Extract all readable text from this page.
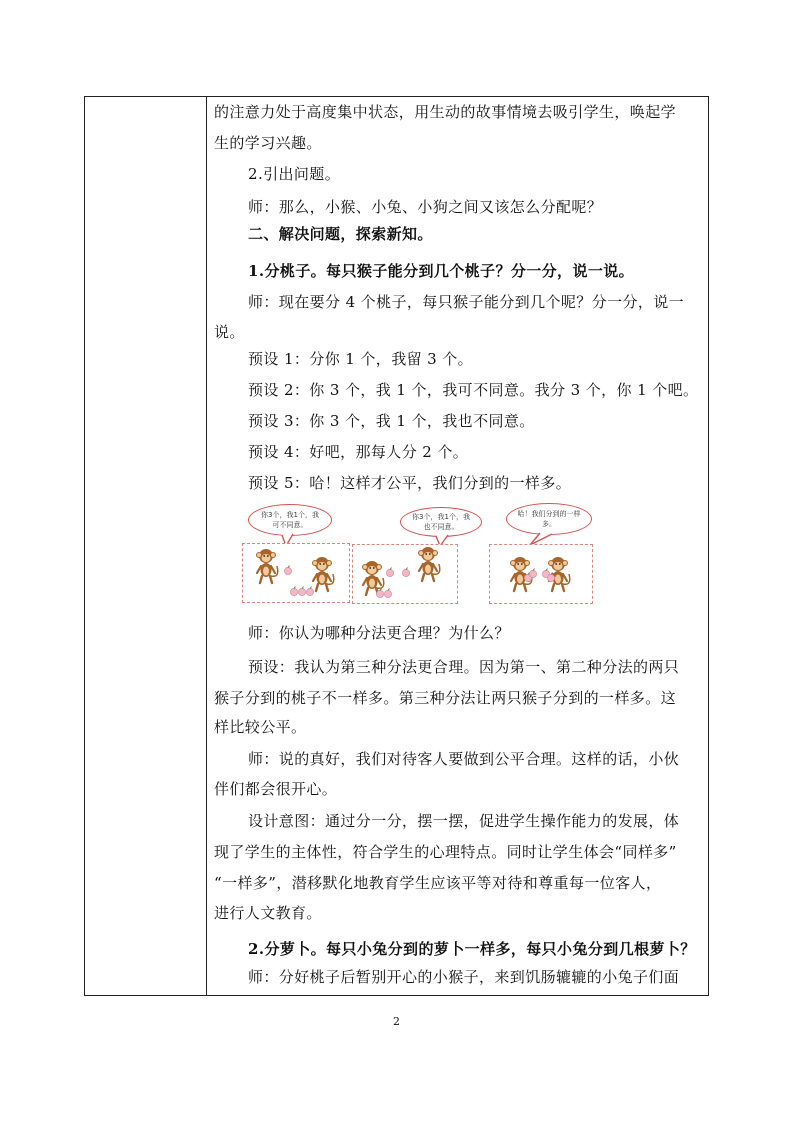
的注意力处于高度集中状态，用生动的故事情境去吸引学生，唤起学
生的学习兴趣。
2.引出问题。
师：那么，小猴、小兔、小狗之间又该怎么分配呢？
二、解决问题，探索新知。
1.分桃子。每只猴子能分到几个桃子？分一分，说一说。
师：现在要分 4 个桃子，每只猴子能分到几个呢？分一分，说一
说。
预设 1：分你 1 个，我留 3 个。
预设 2：你 3 个，我 1 个，我可不同意。我分 3 个，你 1 个吧。
预设 3：你 3 个，我 1 个，我也不同意。
预设 4：好吧，那每人分 2 个。
预设 5：哈！这样才公平，我们分到的一样多。
师：你认为哪种分法更合理？为什么？
预设：我认为第三种分法更合理。因为第一、第二种分法的两只
猴子分到的桃子不一样多。第三种分法让两只猴子分到的一样多。这
样比较公平。
师：说的真好，我们对待客人要做到公平合理。这样的话，小伙
伴们都会很开心。
设计意图：通过分一分，摆一摆，促进学生操作能力的发展，体
现了学生的主体性，符合学生的心理特点。同时让学生体会“同样多”
“一样多”，潜移默化地教育学生应该平等对待和尊重每一位客人，
进行人文教育。
2.分萝卜。每只小兔分到的萝卜一样多，每只小兔分到几根萝卜？
师：分好桃子后暂别开心的小猴子，来到饥肠辘辘的小兔子们面
你3个，我1个，我可不同意。
你3个，我1个，我也不同意。
哈！我们分到的一样多。
2
